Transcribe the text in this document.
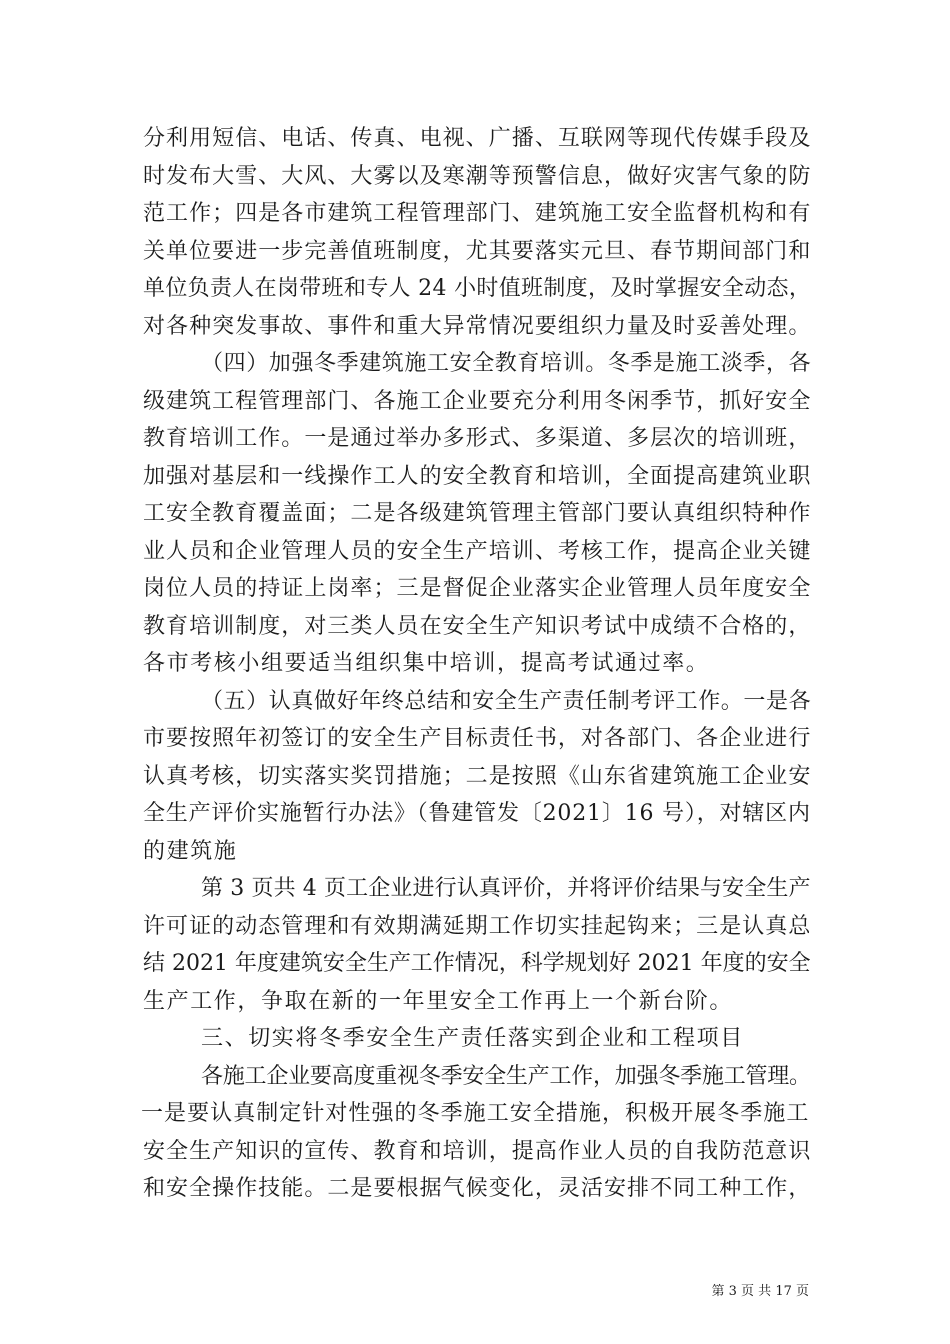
分利用短信、电话、传真、电视、广播、互联网等现代传媒手段及
时发布大雪、大风、大雾以及寒潮等预警信息，做好灾害气象的防
范工作；四是各市建筑工程管理部门、建筑施工安全监督机构和有
关单位要进一步完善值班制度，尤其要落实元旦、春节期间部门和
单位负责人在岗带班和专人 24 小时值班制度，及时掌握安全动态，
对各种突发事故、事件和重大异常情况要组织力量及时妥善处理。
（四）加强冬季建筑施工安全教育培训。冬季是施工淡季，各
级建筑工程管理部门、各施工企业要充分利用冬闲季节，抓好安全
教育培训工作。一是通过举办多形式、多渠道、多层次的培训班，
加强对基层和一线操作工人的安全教育和培训，全面提高建筑业职
工安全教育覆盖面；二是各级建筑管理主管部门要认真组织特种作
业人员和企业管理人员的安全生产培训、考核工作，提高企业关键
岗位人员的持证上岗率；三是督促企业落实企业管理人员年度安全
教育培训制度，对三类人员在安全生产知识考试中成绩不合格的，
各市考核小组要适当组织集中培训，提高考试通过率。
（五）认真做好年终总结和安全生产责任制考评工作。一是各
市要按照年初签订的安全生产目标责任书，对各部门、各企业进行
认真考核，切实落实奖罚措施；二是按照《山东省建筑施工企业安
全生产评价实施暂行办法》（鲁建管发〔2021〕16 号），对辖区内
的建筑施
第 3 页共 4 页工企业进行认真评价，并将评价结果与安全生产
许可证的动态管理和有效期满延期工作切实挂起钩来；三是认真总
结 2021 年度建筑安全生产工作情况，科学规划好 2021 年度的安全
生产工作，争取在新的一年里安全工作再上一个新台阶。
三、切实将冬季安全生产责任落实到企业和工程项目
各施工企业要高度重视冬季安全生产工作，加强冬季施工管理。
一是要认真制定针对性强的冬季施工安全措施，积极开展冬季施工
安全生产知识的宣传、教育和培训，提高作业人员的自我防范意识
和安全操作技能。二是要根据气候变化，灵活安排不同工种工作，
第 3 页 共 17 页
